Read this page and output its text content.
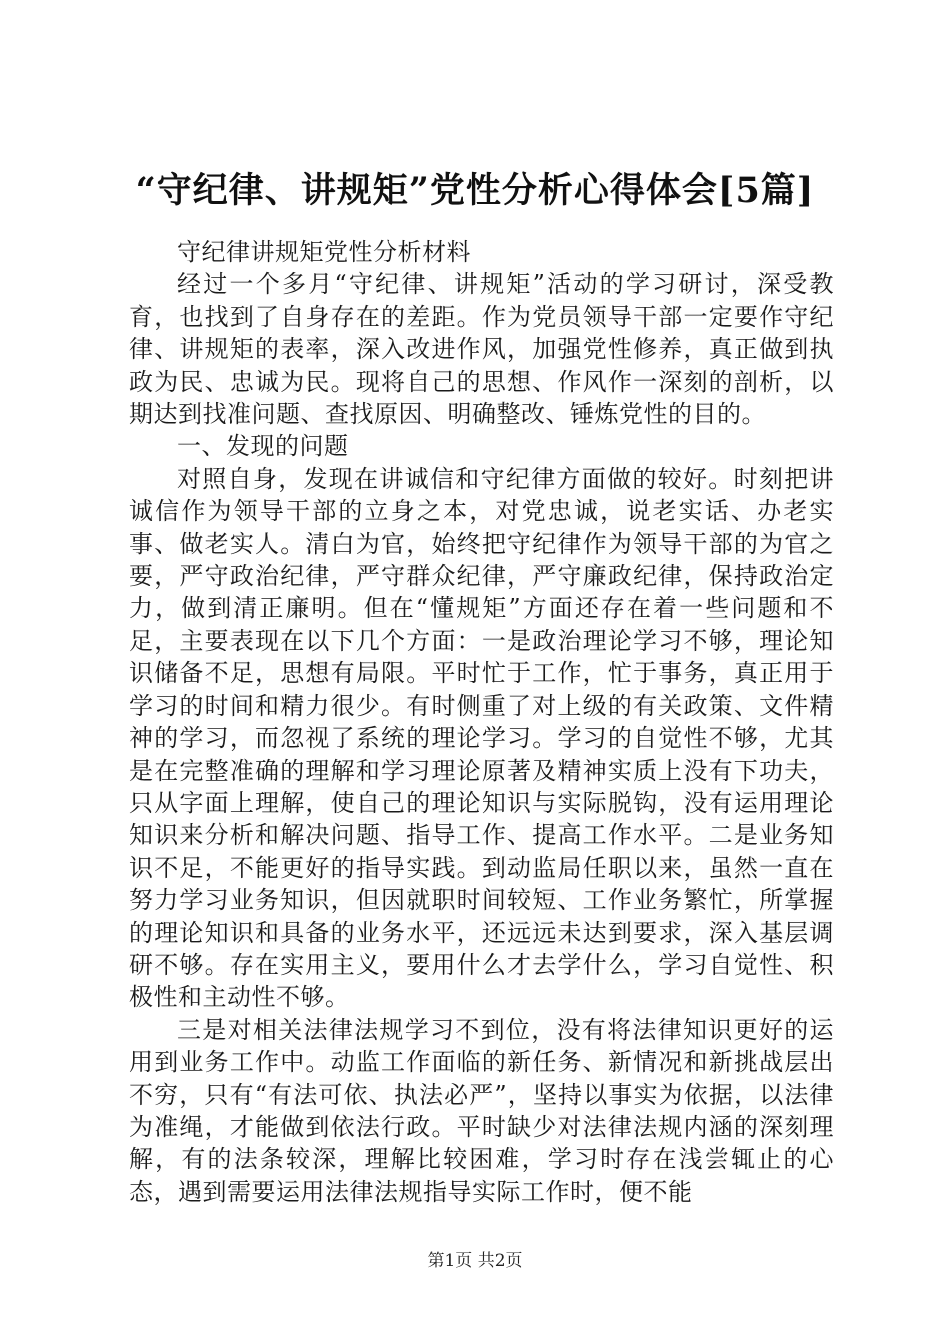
“守纪律、讲规矩”党性分析心得体会[5篇]

守纪律讲规矩党性分析材料

经过一个多月“守纪律、讲规矩”活动的学习研讨，深受教育，也找到了自身存在的差距。作为党员领导干部一定要作守纪律、讲规矩的表率，深入改进作风，加强党性修养，真正做到执政为民、忠诚为民。现将自己的思想、作风作一深刻的剖析，以期达到找准问题、查找原因、明确整改、锤炼党性的目的。

一、发现的问题

对照自身，发现在讲诚信和守纪律方面做的较好。时刻把讲诚信作为领导干部的立身之本，对党忠诚，说老实话、办老实事、做老实人。清白为官，始终把守纪律作为领导干部的为官之要，严守政治纪律，严守群众纪律，严守廉政纪律，保持政治定力，做到清正廉明。但在“懂规矩”方面还存在着一些问题和不足，主要表现在以下几个方面：一是政治理论学习不够，理论知识储备不足，思想有局限。平时忙于工作，忙于事务，真正用于学习的时间和精力很少。有时侧重了对上级的有关政策、文件精神的学习，而忽视了系统的理论学习。学习的自觉性不够，尤其是在完整准确的理解和学习理论原著及精神实质上没有下功夫，只从字面上理解，使自己的理论知识与实际脱钩，没有运用理论知识来分析和解决问题、指导工作、提高工作水平。二是业务知识不足，不能更好的指导实践。到动监局任职以来，虽然一直在努力学习业务知识，但因就职时间较短、工作业务繁忙，所掌握的理论知识和具备的业务水平，还远远未达到要求，深入基层调研不够。存在实用主义，要用什么才去学什么，学习自觉性、积极性和主动性不够。

三是对相关法律法规学习不到位，没有将法律知识更好的运用到业务工作中。动监工作面临的新任务、新情况和新挑战层出不穷，只有“有法可依、执法必严”，坚持以事实为依据，以法律为准绳，才能做到依法行政。平时缺少对法律法规内涵的深刻理解，有的法条较深，理解比较困难，学习时存在浅尝辄止的心态，遇到需要运用法律法规指导实际工作时，便不能

第1页 共2页
